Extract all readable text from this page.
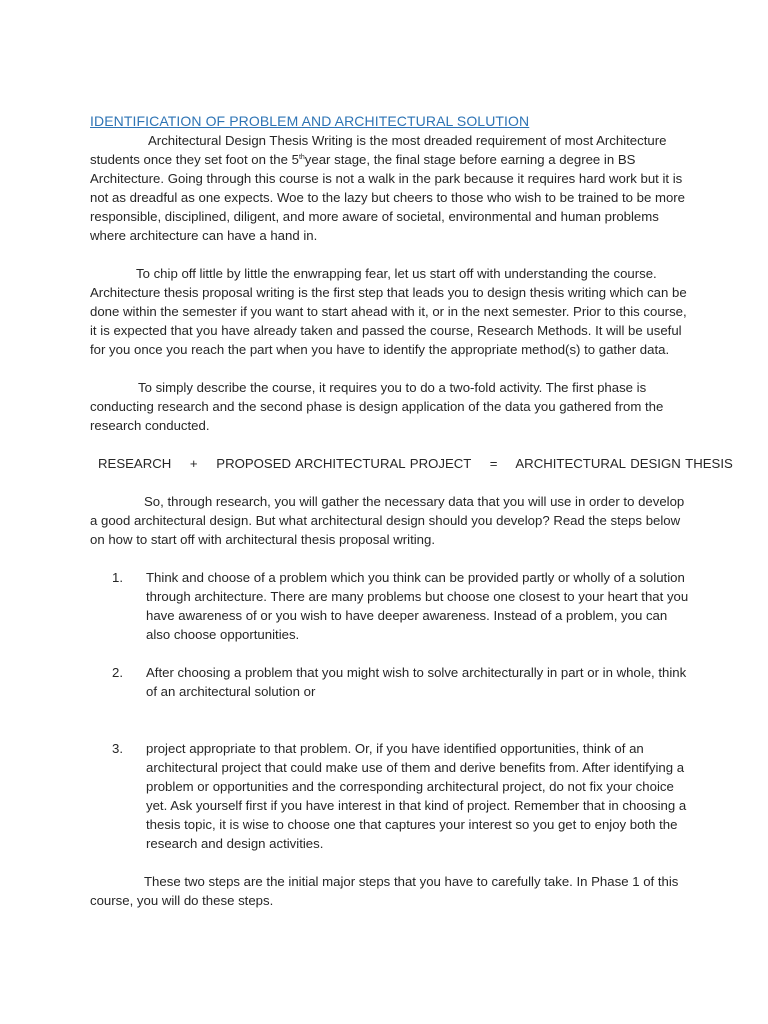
IDENTIFICATION OF PROBLEM AND ARCHITECTURAL SOLUTION

Architectural Design Thesis Writing is the most dreaded requirement of most Architecture students once they set foot on the 5thyear stage, the final stage before earning a degree in BS Architecture. Going through this course is not a walk in the park because it requires hard work but it is not as dreadful as one expects. Woe to the lazy but cheers to those who wish to be trained to be more responsible, disciplined, diligent, and more aware of societal, environmental and human problems where architecture can have a hand in.

To chip off little by little the enwrapping fear, let us start off with understanding the course. Architecture thesis proposal writing is the first step that leads you to design thesis writing which can be done within the semester if you want to start ahead with it, or in the next semester. Prior to this course, it is expected that you have already taken and passed the course, Research Methods. It will be useful for you once you reach the part when you have to identify the appropriate method(s) to gather data.

To simply describe the course, it requires you to do a two-fold activity. The first phase is conducting research and the second phase is design application of the data you gathered from the research conducted.

RESEARCH    +    PROPOSED ARCHITECTURAL PROJECT    =    ARCHITECTURAL DESIGN THESIS

So, through research, you will gather the necessary data that you will use in order to develop a good architectural design. But what architectural design should you develop? Read the steps below on how to start off with architectural thesis proposal writing.

1.	Think and choose of a problem which you think can be provided partly or wholly of a solution through architecture. There are many problems but choose one closest to your heart that you have awareness of or you wish to have deeper awareness. Instead of a problem, you can also choose opportunities.
2.	After choosing a problem that you might wish to solve architecturally in part or in whole, think of an architectural solution or
3.	project appropriate to that problem. Or, if you have identified opportunities, think of an architectural project that could make use of them and derive benefits from. After identifying a problem or opportunities and the corresponding architectural project, do not fix your choice yet. Ask yourself first if you have interest in that kind of project. Remember that in choosing a thesis topic, it is wise to choose one that captures your interest so you get to enjoy both the research and design activities.

These two steps are the initial major steps that you have to carefully take. In Phase 1 of this course, you will do these steps.
